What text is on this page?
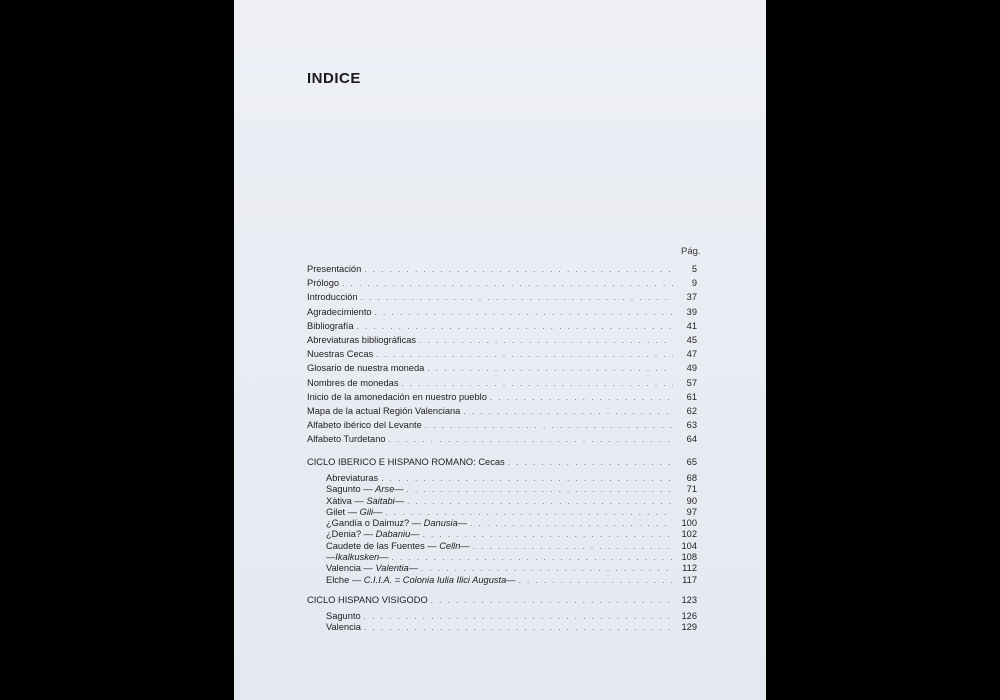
INDICE
Pág.
Presentación . . .	5
Prólogo . . .	9
Introducción . . .	37
Agradecimiento . . .	39
Bibliografía . . .	41
Abreviaturas bibliográficas . . .	45
Nuestras Cecas . . .	47
Glosario de nuestra moneda . . .	49
Nombres de monedas . . .	57
Inicio de la amonedación en nuestro pueblo . . .	61
Mapa de la actual Región Valenciana . . .	62
Alfabeto ibérico del Levante . . .	63
Alfabeto Turdetano . . .	64
CICLO IBERICO E HISPANO ROMANO: Cecas . . .	65
Abreviaturas . . .	68
Sagunto — Arse— . . .	71
Xàtiva — Saitabi— . . .	90
Gilet — Gili— . . .	97
¿Gandía o Daimuz? — Danusia— . . .	100
¿Denia? — Dabaniu— . . .	102
Caudete de las Fuentes — Celln— . . .	104
—Ikalkusken— . . .	108
Valencia — Valentia— . . .	112
Elche — C.I.I.A. = Colonia Iulia Ilici Augusta— . . .	117
CICLO HISPANO VISIGODO . . .	123
Sagunto . . .	126
Valencia . . .	129
